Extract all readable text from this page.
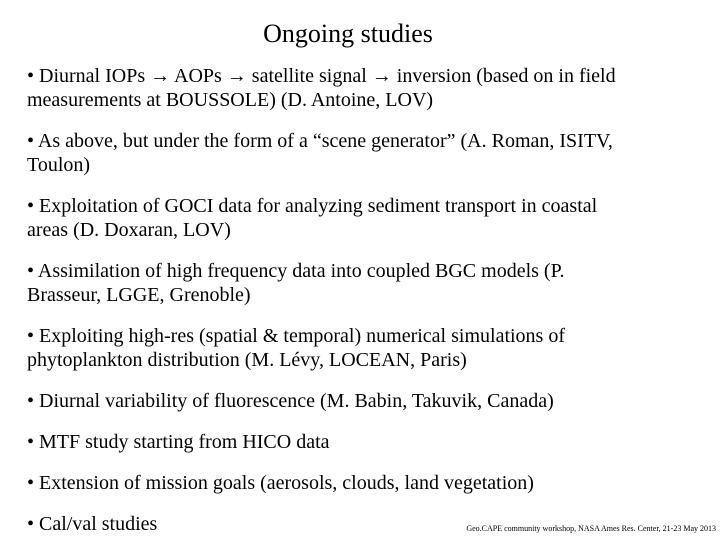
Ongoing studies
• Diurnal IOPs → AOPs → satellite signal → inversion (based on in field
measurements at BOUSSOLE) (D. Antoine, LOV)
• As above, but under the form of a “scene generator” (A. Roman, ISITV,
Toulon)
• Exploitation of GOCI data for analyzing sediment transport in coastal
areas (D. Doxaran, LOV)
• Assimilation of high frequency data into coupled BGC models (P.
Brasseur, LGGE, Grenoble)
• Exploiting high-res (spatial & temporal) numerical simulations of
phytoplankton distribution (M. Lévy, LOCEAN, Paris)
• Diurnal variability of fluorescence (M. Babin, Takuvik, Canada)
• MTF study starting from HICO data
• Extension of mission goals (aerosols, clouds, land vegetation)
• Cal/val studies	Geo.CAPE community workshop, NASA Ames Res. Center, 21-23 May 2013
